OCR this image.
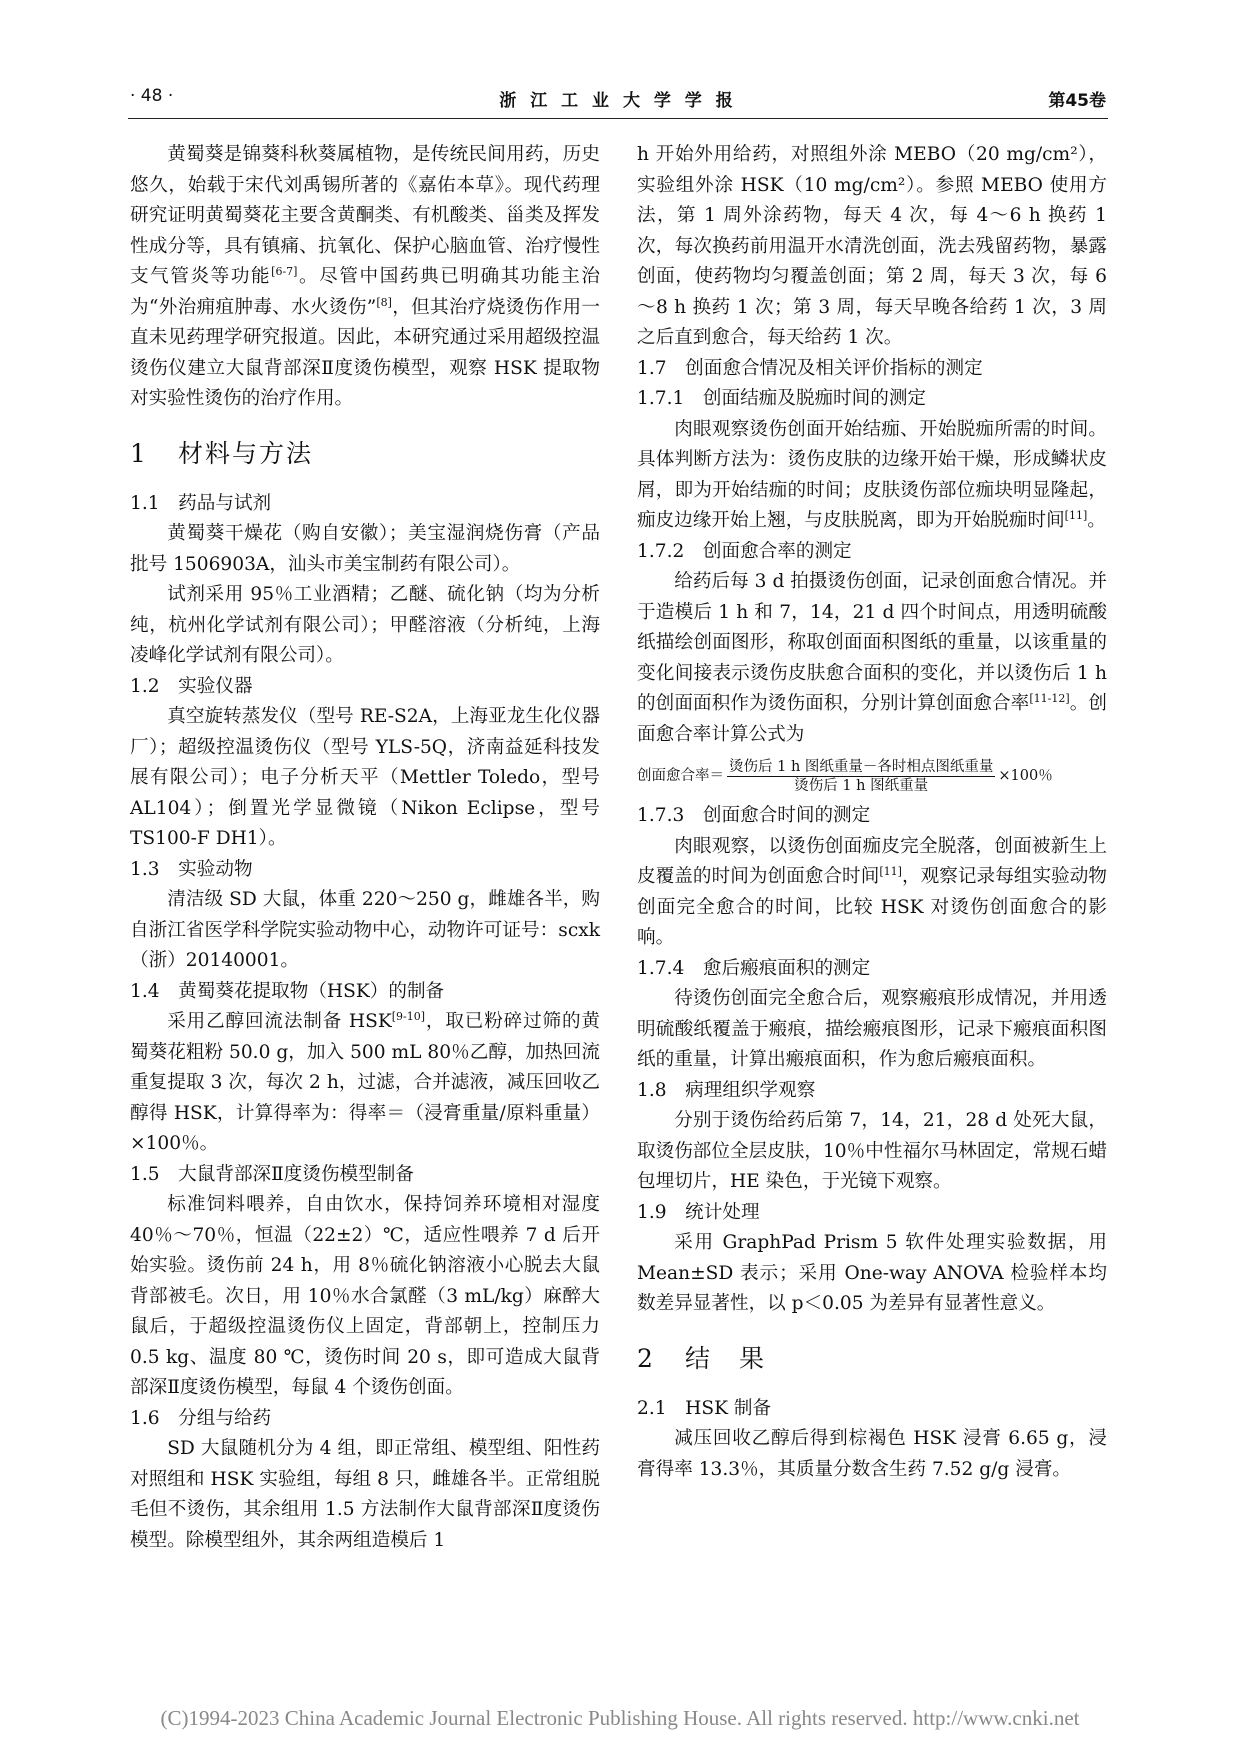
· 48 ·	浙 江 工 业 大 学 学 报	第45卷

黄蜀葵是锦葵科秋葵属植物，是传统民间用药，历史悠久，始载于宋代刘禹锡所著的《嘉佑本草》。现代药理研究证明黄蜀葵花主要含黄酮类、有机酸类、甾类及挥发性成分等，具有镇痛、抗氧化、保护心脑血管、治疗慢性支气管炎等功能[6-7]。尽管中国药典已明确其功能主治为“外治痈疽肿毒、水火烫伤”[8]，但其治疗烧烫伤作用一直未见药理学研究报道。因此，本研究通过采用超级控温烫伤仪建立大鼠背部深Ⅱ度烫伤模型，观察 HSK 提取物对实验性烫伤的治疗作用。

1 材料与方法

1.1　药品与试剂

黄蜀葵干燥花（购自安徽）；美宝湿润烧伤膏（产品批号 1506903A，汕头市美宝制药有限公司）。

试剂采用 95％工业酒精；乙醚、硫化钠（均为分析纯，杭州化学试剂有限公司）；甲醛溶液（分析纯，上海凌峰化学试剂有限公司）。

1.2　实验仪器

真空旋转蒸发仪（型号 RE-S2A，上海亚龙生化仪器厂）；超级控温烫伤仪（型号 YLS-5Q，济南益延科技发展有限公司）；电子分析天平（Mettler Toledo，型号 AL104）；倒置光学显微镜（Nikon Eclipse，型号 TS100-F DH1）。

1.3　实验动物

清洁级 SD 大鼠，体重 220～250 g，雌雄各半，购自浙江省医学科学院实验动物中心，动物许可证号：scxk（浙）20140001。

1.4　黄蜀葵花提取物（HSK）的制备

采用乙醇回流法制备 HSK[9-10]，取已粉碎过筛的黄蜀葵花粗粉 50.0 g，加入 500 mL 80％乙醇，加热回流重复提取 3 次，每次 2 h，过滤，合并滤液，减压回收乙醇得 HSK，计算得率为：得率＝（浸膏重量/原料重量）×100％。

1.5　大鼠背部深Ⅱ度烫伤模型制备

标准饲料喂养，自由饮水，保持饲养环境相对湿度 40％～70％，恒温（22±2）℃，适应性喂养 7 d 后开始实验。烫伤前 24 h，用 8％硫化钠溶液小心脱去大鼠背部被毛。次日，用 10％水合氯醛（3 mL/kg）麻醉大鼠后，于超级控温烫伤仪上固定，背部朝上，控制压力 0.5 kg、温度 80 ℃，烫伤时间 20 s，即可造成大鼠背部深Ⅱ度烫伤模型，每鼠 4 个烫伤创面。

1.6　分组与给药

SD 大鼠随机分为 4 组，即正常组、模型组、阳性药对照组和 HSK 实验组，每组 8 只，雌雄各半。正常组脱毛但不烫伤，其余组用 1.5 方法制作大鼠背部深Ⅱ度烫伤模型。除模型组外，其余两组造模后 1

h 开始外用给药，对照组外涂 MEBO（20 mg/cm²），实验组外涂 HSK（10 mg/cm²）。参照 MEBO 使用方法，第 1 周外涂药物，每天 4 次，每 4～6 h 换药 1 次，每次换药前用温开水清洗创面，洗去残留药物，暴露创面，使药物均匀覆盖创面；第 2 周，每天 3 次，每 6～8 h 换药 1 次；第 3 周，每天早晚各给药 1 次，3 周之后直到愈合，每天给药 1 次。

1.7　创面愈合情况及相关评价指标的测定

1.7.1　创面结痂及脱痂时间的测定

肉眼观察烫伤创面开始结痂、开始脱痂所需的时间。具体判断方法为：烫伤皮肤的边缘开始干燥，形成鳞状皮屑，即为开始结痂的时间；皮肤烫伤部位痂块明显隆起，痂皮边缘开始上翘，与皮肤脱离，即为开始脱痂时间[11]。

1.7.2　创面愈合率的测定

给药后每 3 d 拍摄烫伤创面，记录创面愈合情况。并于造模后 1 h 和 7，14，21 d 四个时间点，用透明硫酸纸描绘创面图形，称取创面面积图纸的重量，以该重量的变化间接表示烫伤皮肤愈合面积的变化，并以烫伤后 1 h 的创面面积作为烫伤面积，分别计算创面愈合率[11-12]。创面愈合率计算公式为

创面愈合率＝ $\frac{\text{烫伤后 1 h 图纸重量－各时相点图纸重量}}{\text{烫伤后 1 h 图纸重量}} \times 100$％

1.7.3　创面愈合时间的测定

肉眼观察，以烫伤创面痂皮完全脱落，创面被新生上皮覆盖的时间为创面愈合时间[11]，观察记录每组实验动物创面完全愈合的时间，比较 HSK 对烫伤创面愈合的影响。

1.7.4　愈后瘢痕面积的测定

待烫伤创面完全愈合后，观察瘢痕形成情况，并用透明硫酸纸覆盖于瘢痕，描绘瘢痕图形，记录下瘢痕面积图纸的重量，计算出瘢痕面积，作为愈后瘢痕面积。

1.8　病理组织学观察

分别于烫伤给药后第 7，14，21，28 d 处死大鼠，取烫伤部位全层皮肤，10％中性福尔马林固定，常规石蜡包埋切片，HE 染色，于光镜下观察。

1.9　统计处理

采用 GraphPad Prism 5 软件处理实验数据，用 Mean±SD 表示；采用 One-way ANOVA 检验样本均数差异显著性，以 p＜0.05 为差异有显著性意义。

2 结　果

2.1　HSK 制备

减压回收乙醇后得到棕褐色 HSK 浸膏 6.65 g，浸膏得率 13.3％，其质量分数含生药 7.52 g/g 浸膏。

(C)1994-2023 China Academic Journal Electronic Publishing House. All rights reserved. http://www.cnki.net
